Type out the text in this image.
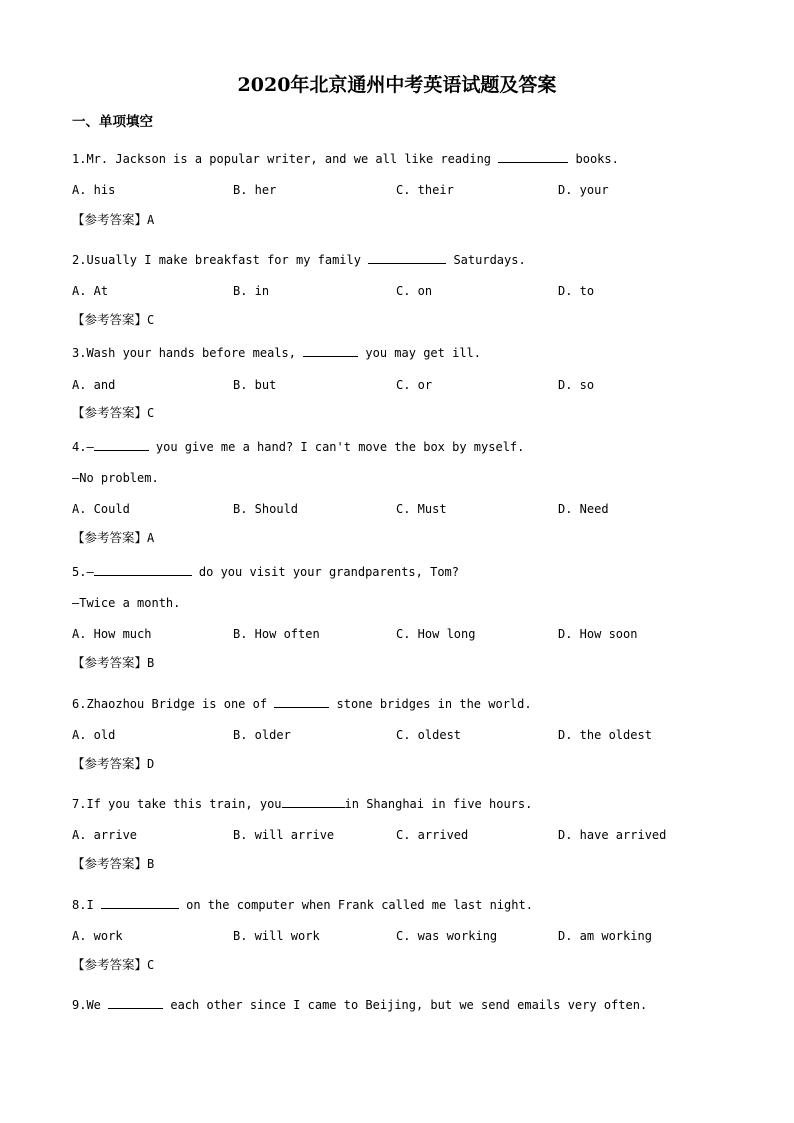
2020年北京通州中考英语试题及答案
一、单项填空
1.Mr. Jackson is a popular writer, and we all like reading	books.
A. his	B. her	C. their	D. your
【参考答案】A
2.Usually I make breakfast for my family	Saturdays.
A. At	B. in	C. on	D. to
【参考答案】C
3.Wash your hands before meals,	you may get ill.
A. and	B. but	C. or	D. so
【参考答案】C
4.—	you give me a hand? I can't move the box by myself.
—No problem.
A. Could	B. Should	C. Must	D. Need
【参考答案】A
5.—	do you visit your grandparents, Tom?
—Twice a month.
A. How much	B. How often	C. How long	D. How soon
【参考答案】B
6.Zhaozhou Bridge is one of	stone bridges in the world.
A. old	B. older	C. oldest	D. the oldest
【参考答案】D
7.If you take this train, you	in Shanghai in five hours.
A. arrive	B. will arrive	C. arrived	D. have arrived
【参考答案】B
8.I	on the computer when Frank called me last night.
A. work	B. will work	C. was working	D. am working
【参考答案】C
9.We	each other since I came to Beijing, but we send emails very often.
